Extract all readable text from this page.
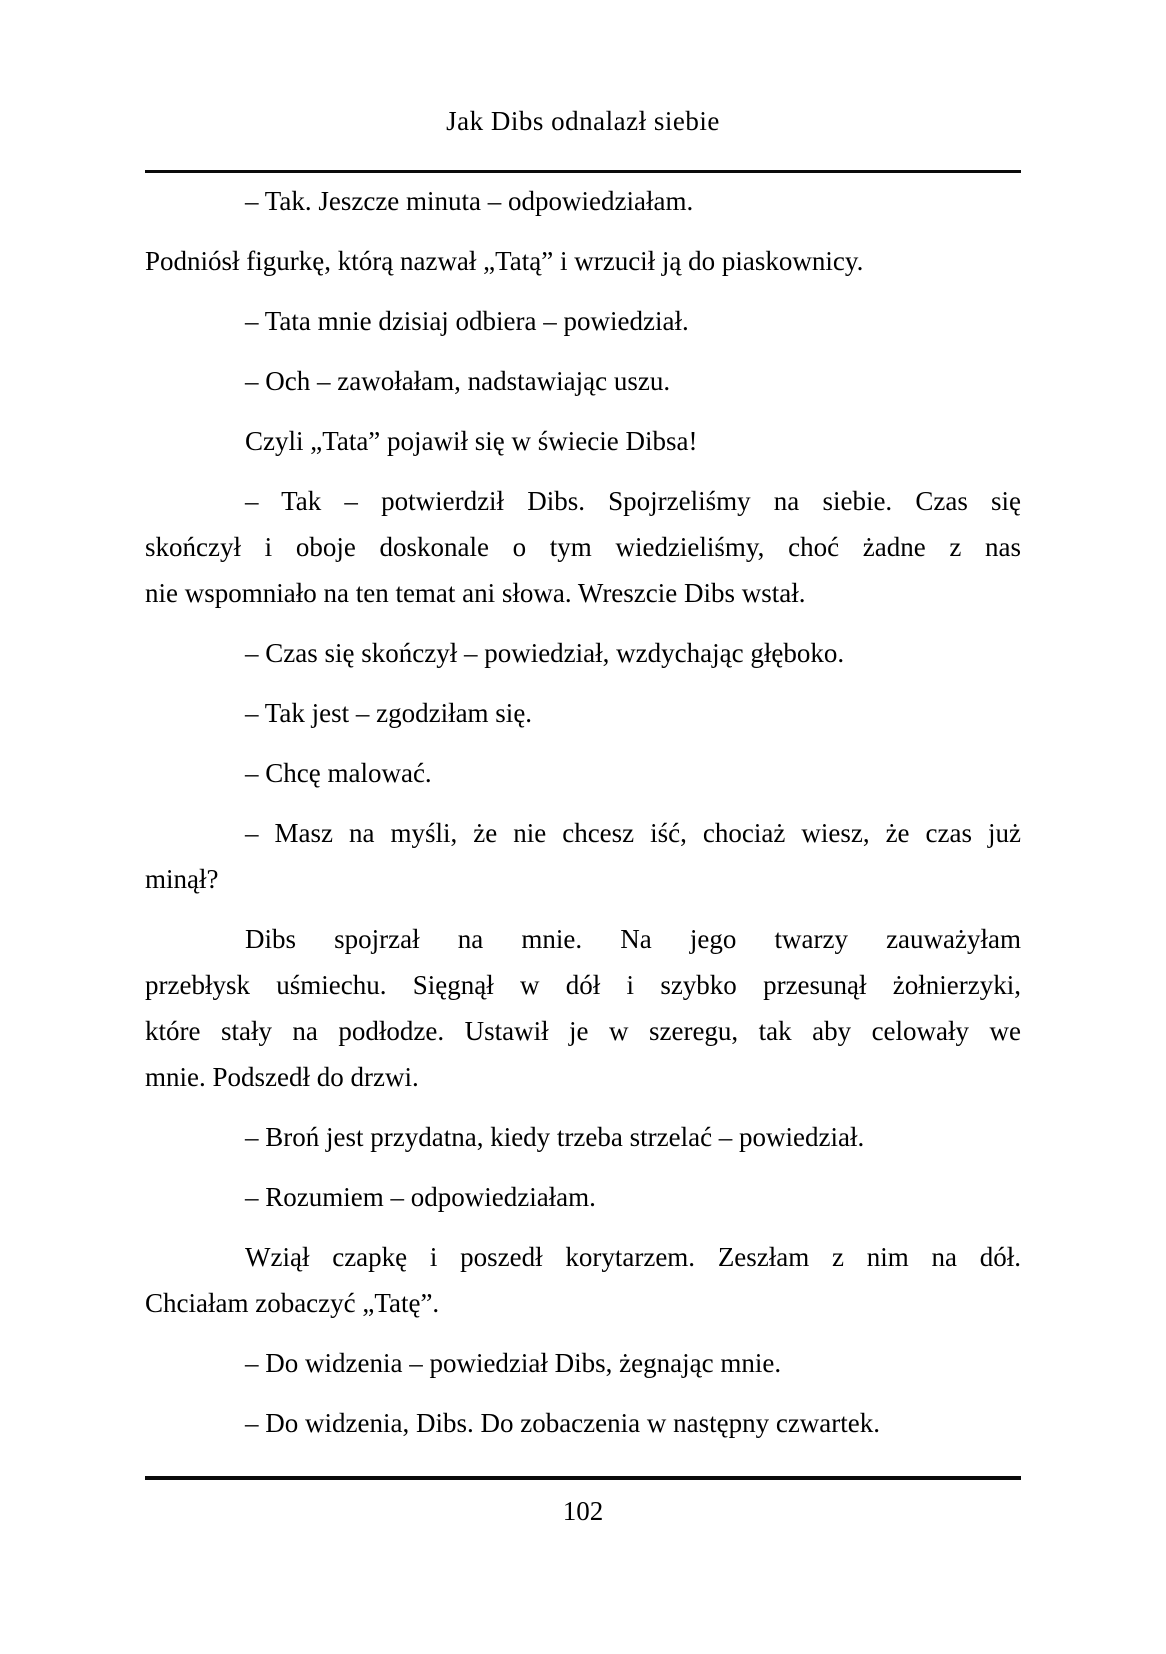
Jak Dibs odnalazł siebie

– Tak. Jeszcze minuta – odpowiedziałam.

Podniósł figurkę, którą nazwał „Tatą” i wrzucił ją do piaskownicy.

– Tata mnie dzisiaj odbiera – powiedział.

– Och – zawołałam, nadstawiając uszu.

Czyli „Tata” pojawił się w świecie Dibsa!

– Tak – potwierdził Dibs. Spojrzeliśmy na siebie. Czas się
skończył i oboje doskonale o tym wiedzieliśmy, choć żadne z nas
nie wspomniało na ten temat ani słowa. Wreszcie Dibs wstał.

– Czas się skończył – powiedział, wzdychając głęboko.

– Tak jest – zgodziłam się.

– Chcę malować.

– Masz na myśli, że nie chcesz iść, chociaż wiesz, że czas już
minął?

Dibs spojrzał na mnie. Na jego twarzy zauważyłam
przebłysk uśmiechu. Sięgnął w dół i szybko przesunął żołnierzyki,
które stały na podłodze. Ustawił je w szeregu, tak aby celowały we
mnie. Podszedł do drzwi.

– Broń jest przydatna, kiedy trzeba strzelać – powiedział.

– Rozumiem – odpowiedziałam.

Wziął czapkę i poszedł korytarzem. Zeszłam z nim na dół.
Chciałam zobaczyć „Tatę”.

– Do widzenia – powiedział Dibs, żegnając mnie.

– Do widzenia, Dibs. Do zobaczenia w następny czwartek.

102
